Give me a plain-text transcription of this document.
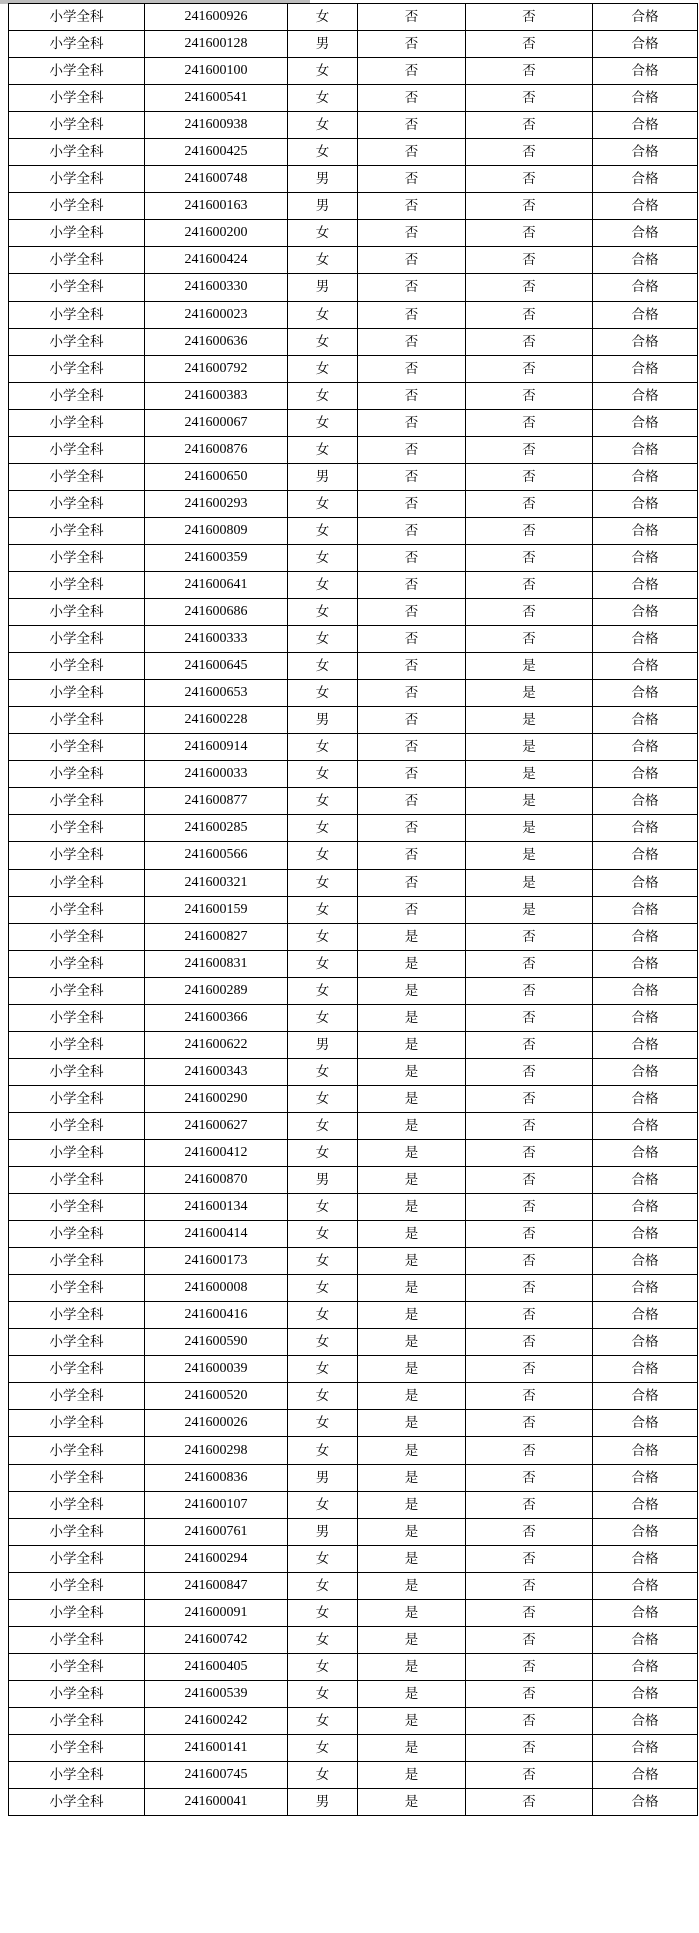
小学全科	241600926	女	否	否	合格
小学全科	241600128	男	否	否	合格
小学全科	241600100	女	否	否	合格
小学全科	241600541	女	否	否	合格
小学全科	241600938	女	否	否	合格
小学全科	241600425	女	否	否	合格
小学全科	241600748	男	否	否	合格
小学全科	241600163	男	否	否	合格
小学全科	241600200	女	否	否	合格
小学全科	241600424	女	否	否	合格
小学全科	241600330	男	否	否	合格
小学全科	241600023	女	否	否	合格
小学全科	241600636	女	否	否	合格
小学全科	241600792	女	否	否	合格
小学全科	241600383	女	否	否	合格
小学全科	241600067	女	否	否	合格
小学全科	241600876	女	否	否	合格
小学全科	241600650	男	否	否	合格
小学全科	241600293	女	否	否	合格
小学全科	241600809	女	否	否	合格
小学全科	241600359	女	否	否	合格
小学全科	241600641	女	否	否	合格
小学全科	241600686	女	否	否	合格
小学全科	241600333	女	否	否	合格
小学全科	241600645	女	否	是	合格
小学全科	241600653	女	否	是	合格
小学全科	241600228	男	否	是	合格
小学全科	241600914	女	否	是	合格
小学全科	241600033	女	否	是	合格
小学全科	241600877	女	否	是	合格
小学全科	241600285	女	否	是	合格
小学全科	241600566	女	否	是	合格
小学全科	241600321	女	否	是	合格
小学全科	241600159	女	否	是	合格
小学全科	241600827	女	是	否	合格
小学全科	241600831	女	是	否	合格
小学全科	241600289	女	是	否	合格
小学全科	241600366	女	是	否	合格
小学全科	241600622	男	是	否	合格
小学全科	241600343	女	是	否	合格
小学全科	241600290	女	是	否	合格
小学全科	241600627	女	是	否	合格
小学全科	241600412	女	是	否	合格
小学全科	241600870	男	是	否	合格
小学全科	241600134	女	是	否	合格
小学全科	241600414	女	是	否	合格
小学全科	241600173	女	是	否	合格
小学全科	241600008	女	是	否	合格
小学全科	241600416	女	是	否	合格
小学全科	241600590	女	是	否	合格
小学全科	241600039	女	是	否	合格
小学全科	241600520	女	是	否	合格
小学全科	241600026	女	是	否	合格
小学全科	241600298	女	是	否	合格
小学全科	241600836	男	是	否	合格
小学全科	241600107	女	是	否	合格
小学全科	241600761	男	是	否	合格
小学全科	241600294	女	是	否	合格
小学全科	241600847	女	是	否	合格
小学全科	241600091	女	是	否	合格
小学全科	241600742	女	是	否	合格
小学全科	241600405	女	是	否	合格
小学全科	241600539	女	是	否	合格
小学全科	241600242	女	是	否	合格
小学全科	241600141	女	是	否	合格
小学全科	241600745	女	是	否	合格
小学全科	241600041	男	是	否	合格
